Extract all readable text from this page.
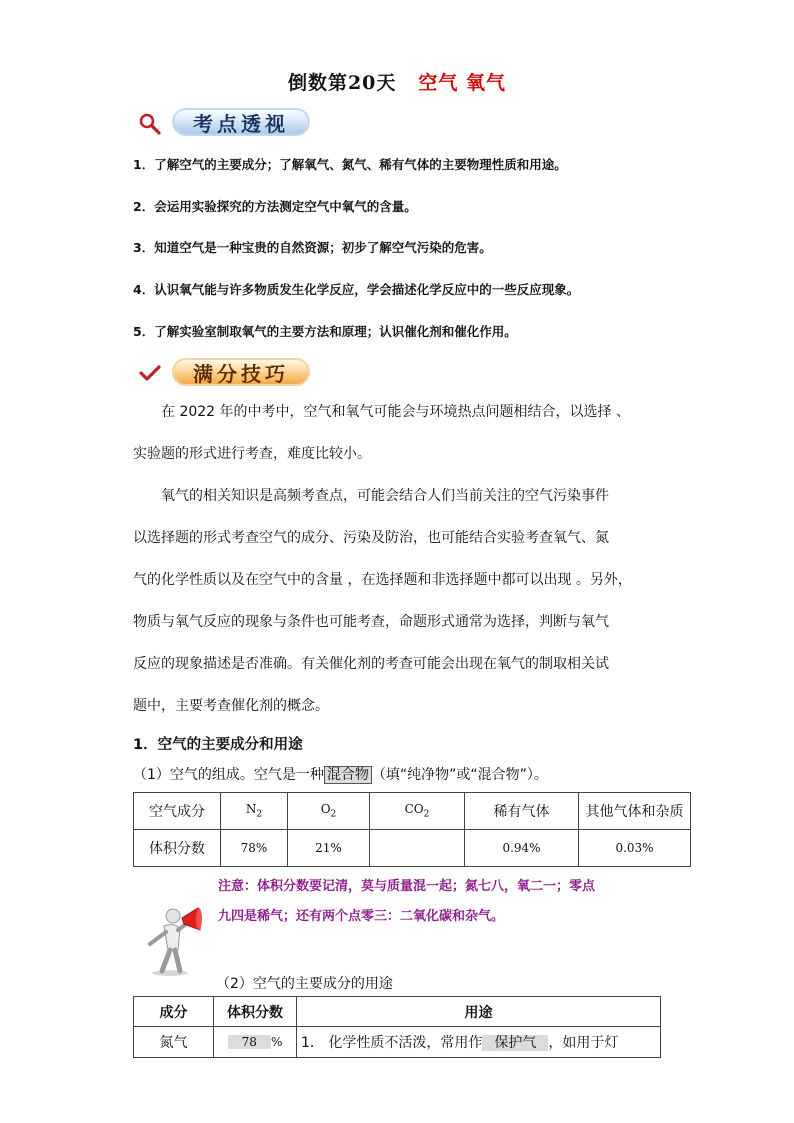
倒数第20天 空气 氧气
考点透视
1．了解空气的主要成分；了解氧气、氮气、稀有气体的主要物理性质和用途。
2．会运用实验探究的方法测定空气中氧气的含量。
3．知道空气是一种宝贵的自然资源；初步了解空气污染的危害。
4．认识氧气能与许多物质发生化学反应，学会描述化学反应中的一些反应现象。
5．了解实验室制取氧气的主要方法和原理；认识催化剂和催化作用。
满分技巧
在 2022 年的中考中，空气和氧气可能会与环境热点问题相结合，以选择 、
实验题的形式进行考查，难度比较小。
氧气的相关知识是高频考查点，可能会结合人们当前关注的空气污染事件
以选择题的形式考查空气的成分、污染及防治，也可能结合实验考查氧气、氮
气的化学性质以及在空气中的含量 ，在选择题和非选择题中都可以出现 。另外，
物质与氧气反应的现象与条件也可能考查，命题形式通常为选择，判断与氧气
反应的现象描述是否准确。有关催化剂的考查可能会出现在氧气的制取相关试
题中，主要考查催化剂的概念。
1．空气的主要成分和用途
（1）空气的组成。空气是一种 混合物 （填“纯净物”或“混合物”）。
空气成分	$N_2$	$O_2$	$CO_2$	稀有气体	其他气体和杂质
体积分数	78%	21%		0.94%	0.03%
注意：体积分数要记清，莫与质量混一起；氮七八，氧二一；零点
九四是稀气；还有两个点零三：二氧化碳和杂气。
（2）空气的主要成分的用途
成分	体积分数	用途
氮气	78 %	1． 化学性质不活泼，常用作 保护气 ，如用于灯
